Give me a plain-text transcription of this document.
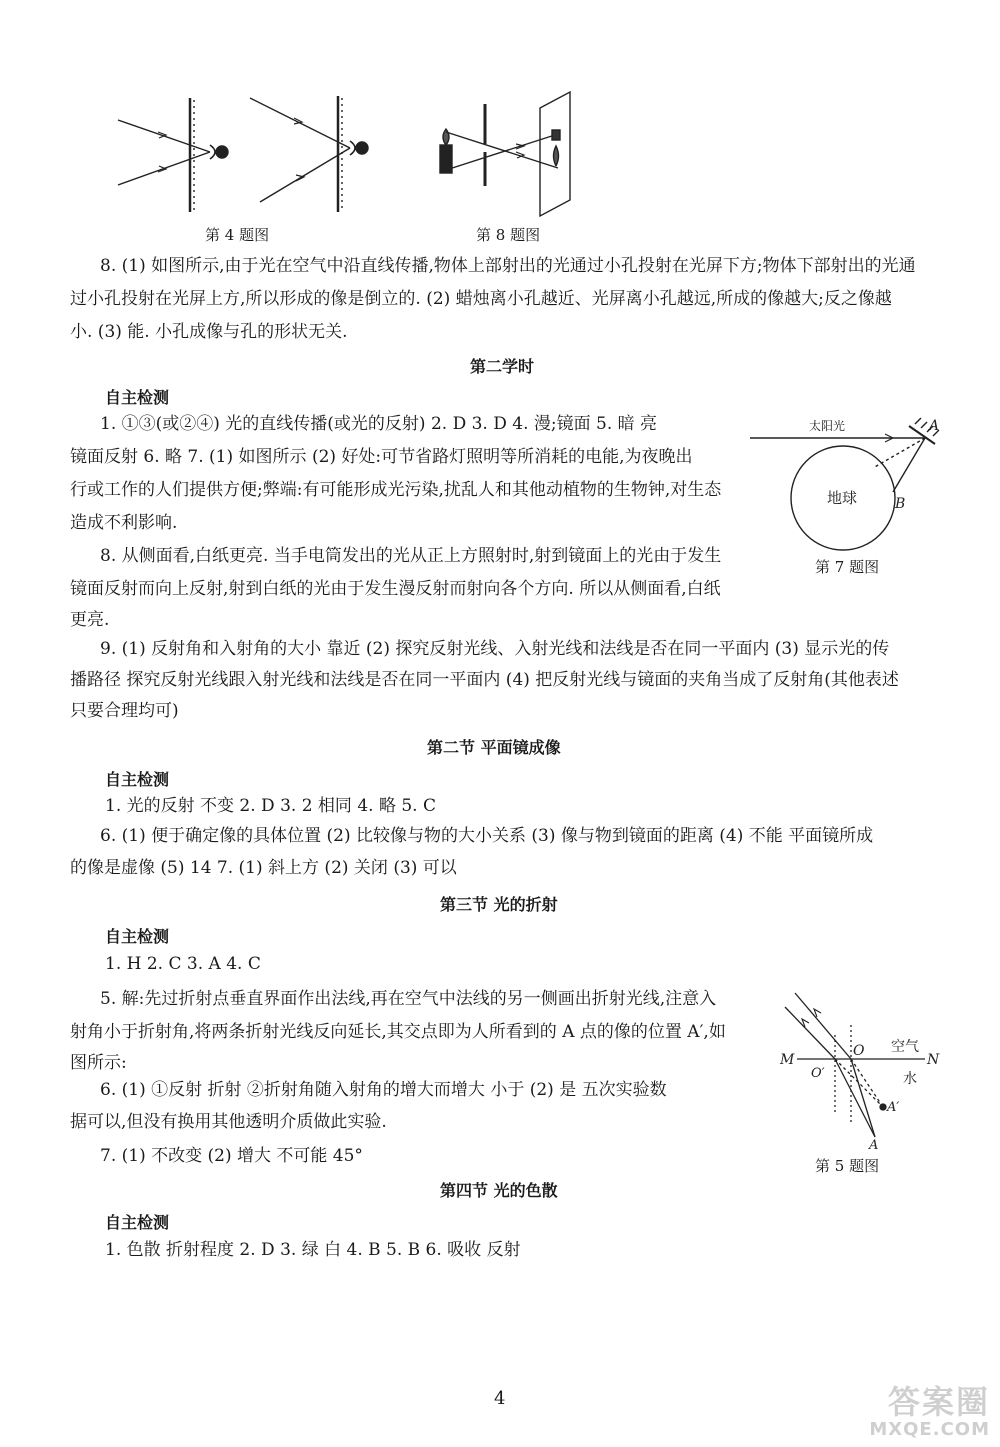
第 4 题图	第 8 题图
8. (1) 如图所示,由于光在空气中沿直线传播,物体上部射出的光通过小孔投射在光屏下方;物体下部射出的光通
过小孔投射在光屏上方,所以形成的像是倒立的. (2) 蜡烛离小孔越近、光屏离小孔越远,所成的像越大;反之像越
小. (3) 能. 小孔成像与孔的形状无关.
第二学时
自主检测
1. ①③(或②④) 光的直线传播(或光的反射) 2. D 3. D 4. 漫;镜面 5. 暗 亮
镜面反射 6. 略 7. (1) 如图所示 (2) 好处:可节省路灯照明等所消耗的电能,为夜晚出
行或工作的人们提供方便;弊端:有可能形成光污染,扰乱人和其他动植物的生物钟,对生态
造成不利影响.
8. 从侧面看,白纸更亮. 当手电筒发出的光从正上方照射时,射到镜面上的光由于发生
镜面反射而向上反射,射到白纸的光由于发生漫反射而射向各个方向. 所以从侧面看,白纸
更亮.
9. (1) 反射角和入射角的大小 靠近 (2) 探究反射光线、入射光线和法线是否在同一平面内 (3) 显示光的传
播路径 探究反射光线跟入射光线和法线是否在同一平面内 (4) 把反射光线与镜面的夹角当成了反射角(其他表述
只要合理均可)
太阳光
地球
A
B
第 7 题图
第二节 平面镜成像
自主检测
1. 光的反射 不变 2. D 3. 2 相同 4. 略 5. C
6. (1) 便于确定像的具体位置 (2) 比较像与物的大小关系 (3) 像与物到镜面的距离 (4) 不能 平面镜所成
的像是虚像 (5) 14 7. (1) 斜上方 (2) 关闭 (3) 可以
第三节 光的折射
自主检测
1. H 2. C 3. A 4. C
5. 解:先过折射点垂直界面作出法线,再在空气中法线的另一侧画出折射光线,注意入
射角小于折射角,将两条折射光线反向延长,其交点即为人所看到的 A 点的像的位置 A′,如
图所示:
6. (1) ①反射 折射 ②折射角随入射角的增大而增大 小于 (2) 是 五次实验数
据可以,但没有换用其他透明介质做此实验.
7. (1) 不改变 (2) 增大 不可能 45°
M	N
O
O′
空气
水
A′
A
第 5 题图
第四节 光的色散
自主检测
1. 色散 折射程度 2. D 3. 绿 白 4. B 5. B 6. 吸收 反射
4	答案圈
MXQE.COM
